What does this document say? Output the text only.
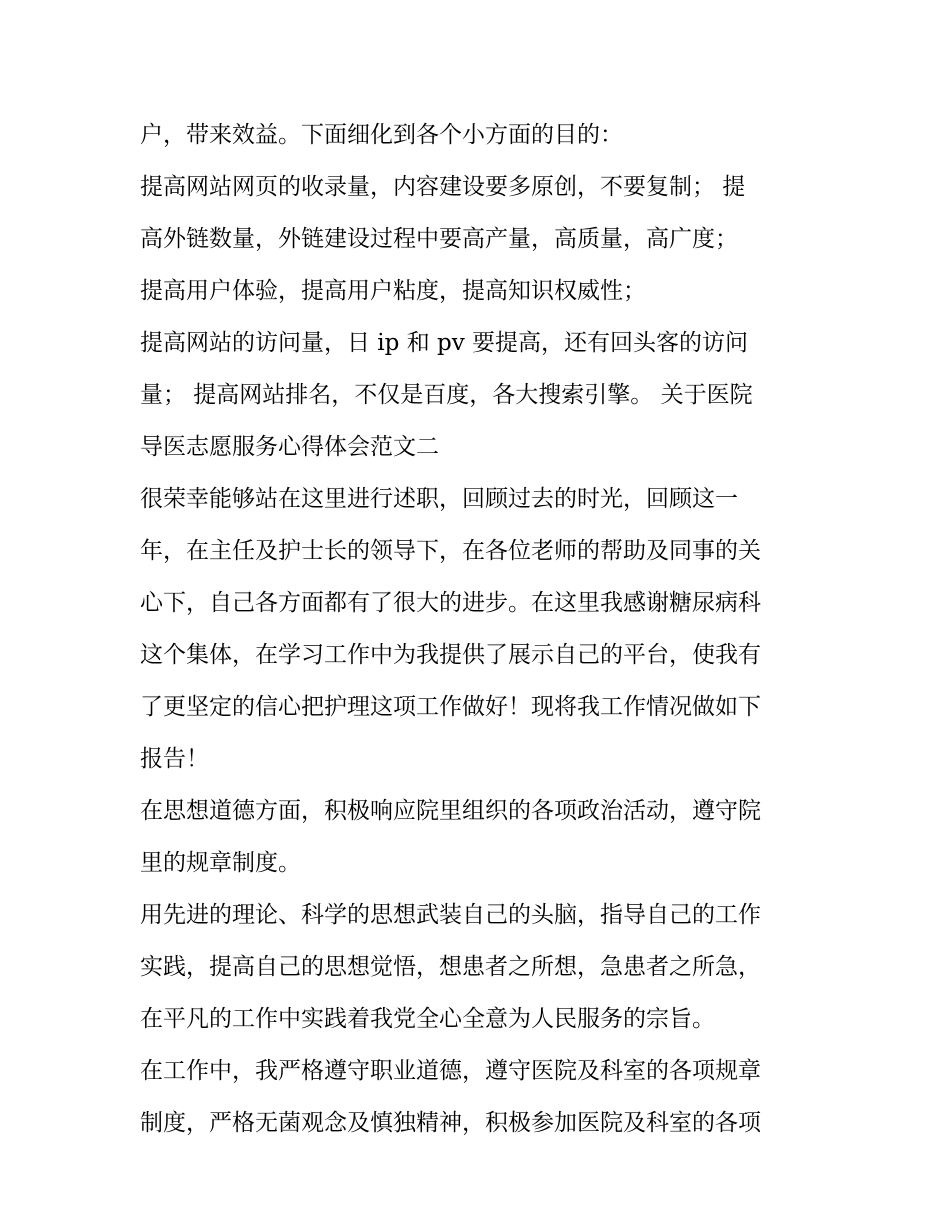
户，带来效益。下面细化到各个小方面的目的：
提高网站网页的收录量，内容建设要多原创，不要复制； 提
高外链数量，外链建设过程中要高产量，高质量，高广度；
提高用户体验，提高用户粘度，提高知识权威性；
提高网站的访问量，日 ip 和 pv 要提高，还有回头客的访问
量； 提高网站排名，不仅是百度，各大搜索引擎。 关于医院
导医志愿服务心得体会范文二
很荣幸能够站在这里进行述职，回顾过去的时光，回顾这一
年，在主任及护士长的领导下，在各位老师的帮助及同事的关
心下，自己各方面都有了很大的进步。在这里我感谢糖尿病科
这个集体，在学习工作中为我提供了展示自己的平台，使我有
了更坚定的信心把护理这项工作做好！现将我工作情况做如下
报告！
在思想道德方面，积极响应院里组织的各项政治活动，遵守院
里的规章制度。
用先进的理论、科学的思想武装自己的头脑，指导自己的工作
实践，提高自己的思想觉悟，想患者之所想，急患者之所急，
在平凡的工作中实践着我党全心全意为人民服务的宗旨。
在工作中，我严格遵守职业道德，遵守医院及科室的各项规章
制度，严格无菌观念及慎独精神，积极参加医院及科室的各项
